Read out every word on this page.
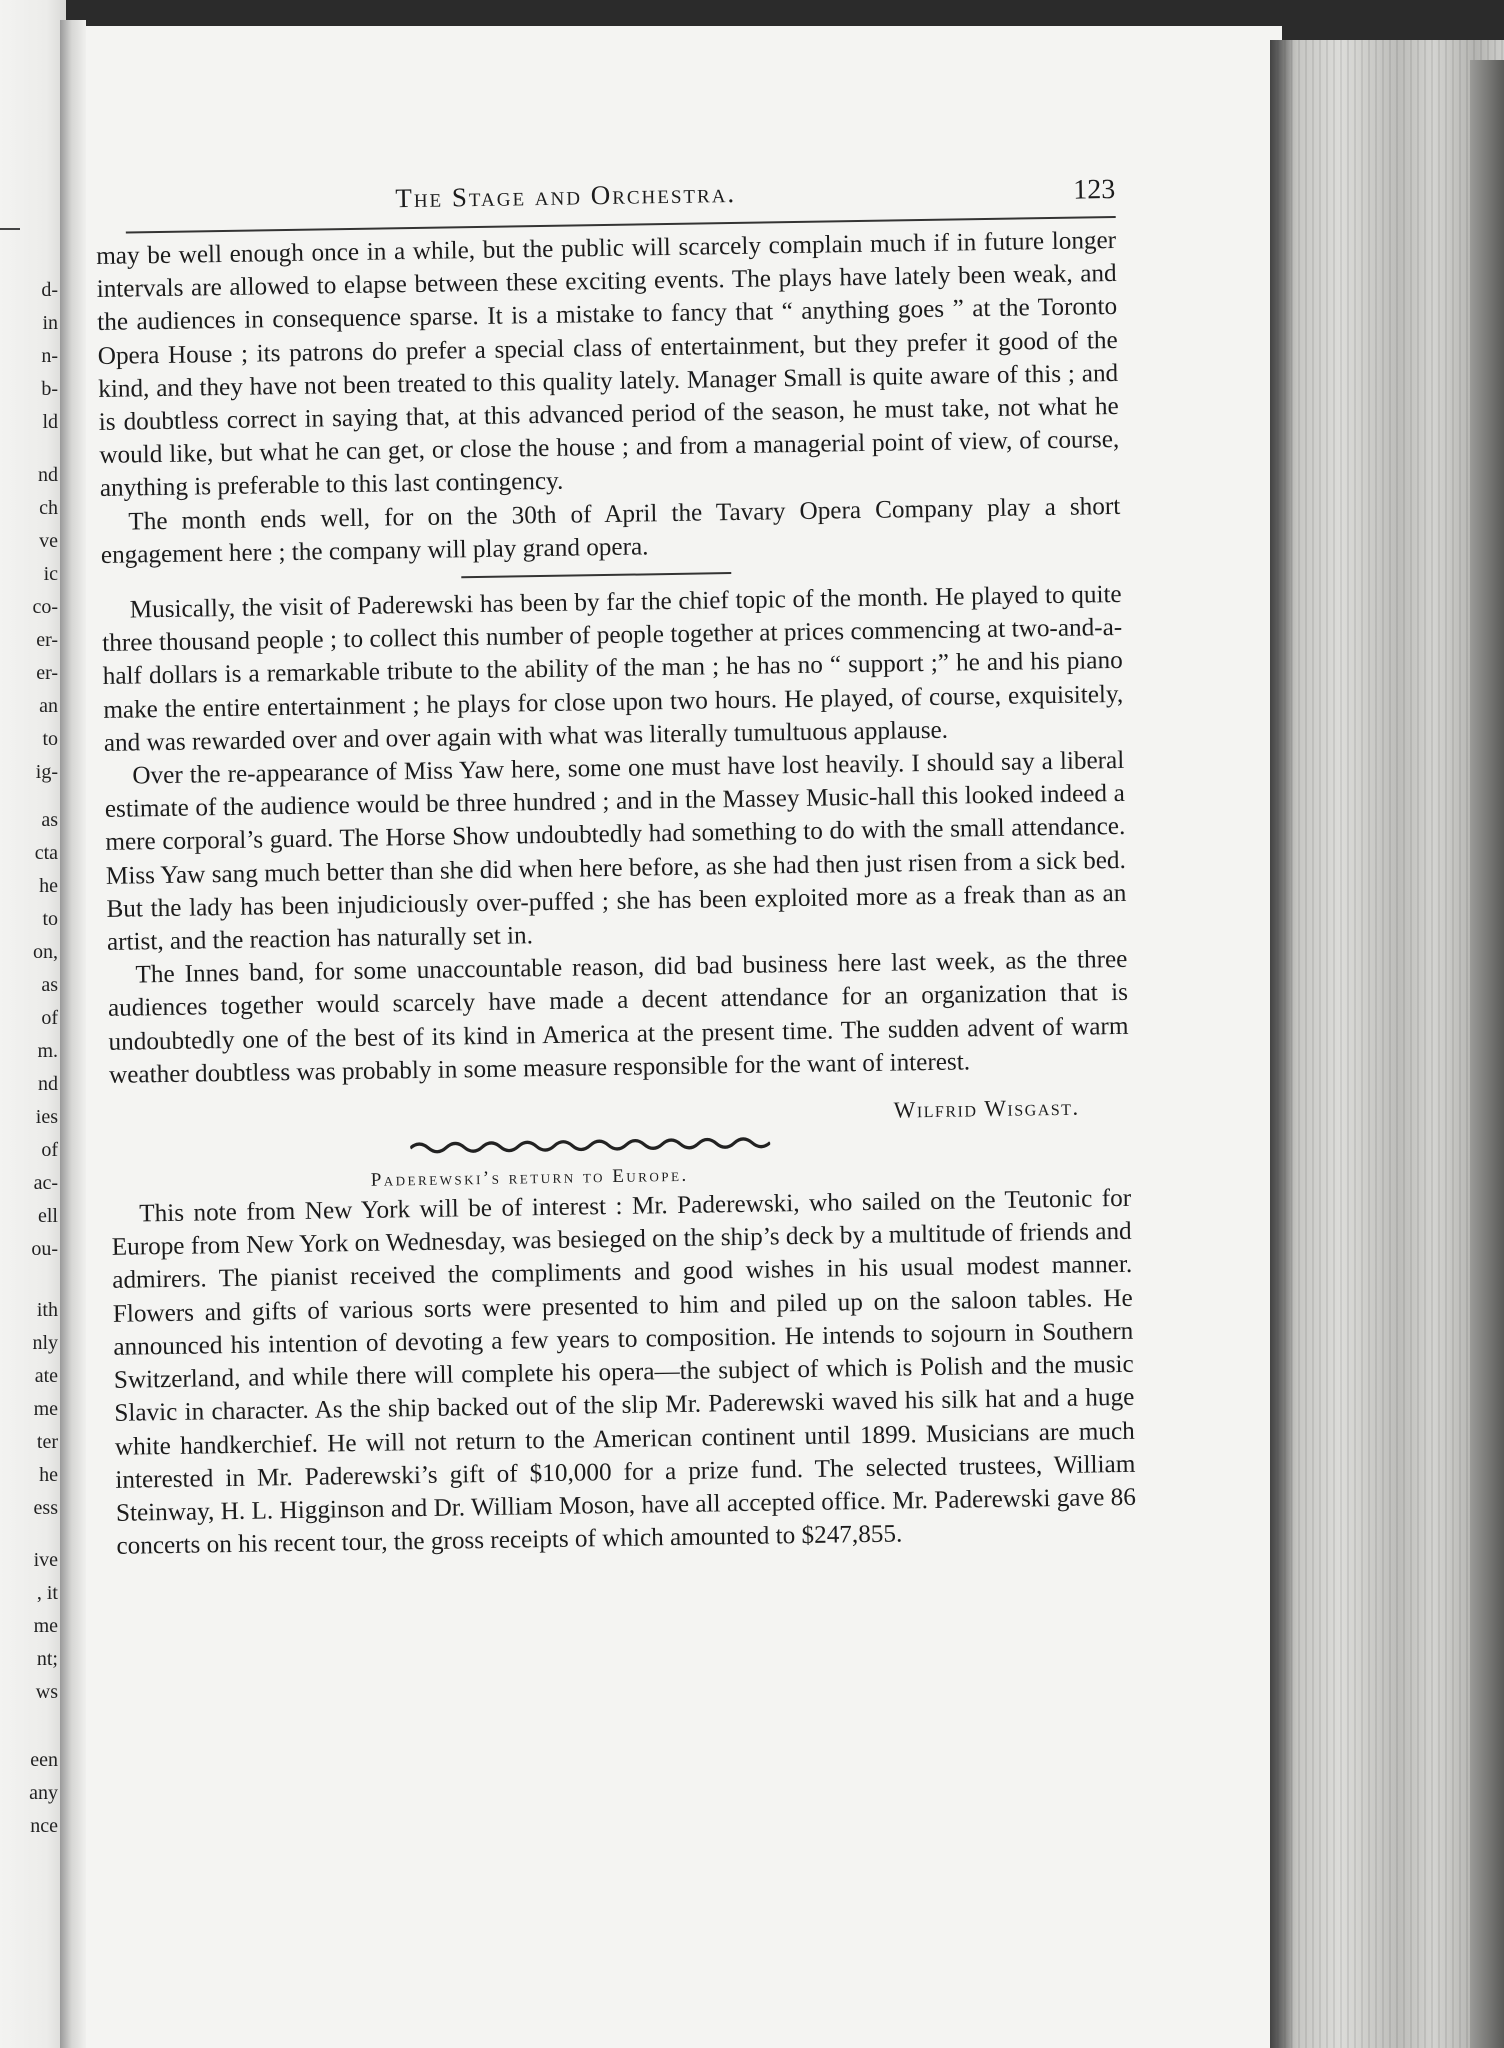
d-
in
n-
b-
ld
nd
ch
ve
ic
co-
er-
er-
an
to
ig-
as
cta
he
to
on,
as
of
m.
nd
ies
of
ac-
ell
ou-
ith
nly
ate
me
ter
he
ess
ive
, it
me
nt;
ws
een
any
nce
The Stage and Orchestra.	123

may be well enough once in a while, but the public will scarcely complain much if in future longer intervals are allowed to elapse between these exciting events. The plays have lately been weak, and the audiences in consequence sparse. It is a mistake to fancy that “ anything goes ” at the Toronto Opera House ; its patrons do prefer a special class of entertainment, but they prefer it good of the kind, and they have not been treated to this quality lately. Manager Small is quite aware of this ; and is doubtless correct in saying that, at this advanced period of the season, he must take, not what he would like, but what he can get, or close the house ; and from a managerial point of view, of course, anything is preferable to this last contingency.

The month ends well, for on the 30th of April the Tavary Opera Company play a short engagement here ; the company will play grand opera.

Musically, the visit of Paderewski has been by far the chief topic of the month. He played to quite three thousand people ; to collect this number of people together at prices commencing at two-and-a-half dollars is a remarkable tribute to the ability of the man ; he has no “ support ;” he and his piano make the entire entertainment ; he plays for close upon two hours. He played, of course, exquisitely, and was rewarded over and over again with what was literally tumultuous applause.

Over the re-appearance of Miss Yaw here, some one must have lost heavily. I should say a liberal estimate of the audience would be three hundred ; and in the Massey Music-hall this looked indeed a mere corporal’s guard. The Horse Show undoubtedly had something to do with the small attendance. Miss Yaw sang much better than she did when here before, as she had then just risen from a sick bed. But the lady has been injudiciously over-puffed ; she has been exploited more as a freak than as an artist, and the reaction has naturally set in.

The Innes band, for some unaccountable reason, did bad business here last week, as the three audiences together would scarcely have made a decent attendance for an organization that is undoubtedly one of the best of its kind in America at the present time. The sudden advent of warm weather doubtless was probably in some measure responsible for the want of interest.

Wilfrid Wisgast.
Paderewski’s return to Europe.

This note from New York will be of interest : Mr. Paderewski, who sailed on the Teutonic for Europe from New York on Wednesday, was besieged on the ship’s deck by a multitude of friends and admirers. The pianist received the compliments and good wishes in his usual modest manner. Flowers and gifts of various sorts were presented to him and piled up on the saloon tables. He announced his intention of devoting a few years to composition. He intends to sojourn in Southern Switzerland, and while there will complete his opera—the subject of which is Polish and the music Slavic in character. As the ship backed out of the slip Mr. Paderewski waved his silk hat and a huge white handkerchief. He will not return to the American continent until 1899. Musicians are much interested in Mr. Paderewski’s gift of $10,000 for a prize fund. The selected trustees, William Steinway, H. L. Higginson and Dr. William Moson, have all accepted office. Mr. Paderewski gave 86 concerts on his recent tour, the gross receipts of which amounted to $247,855.
